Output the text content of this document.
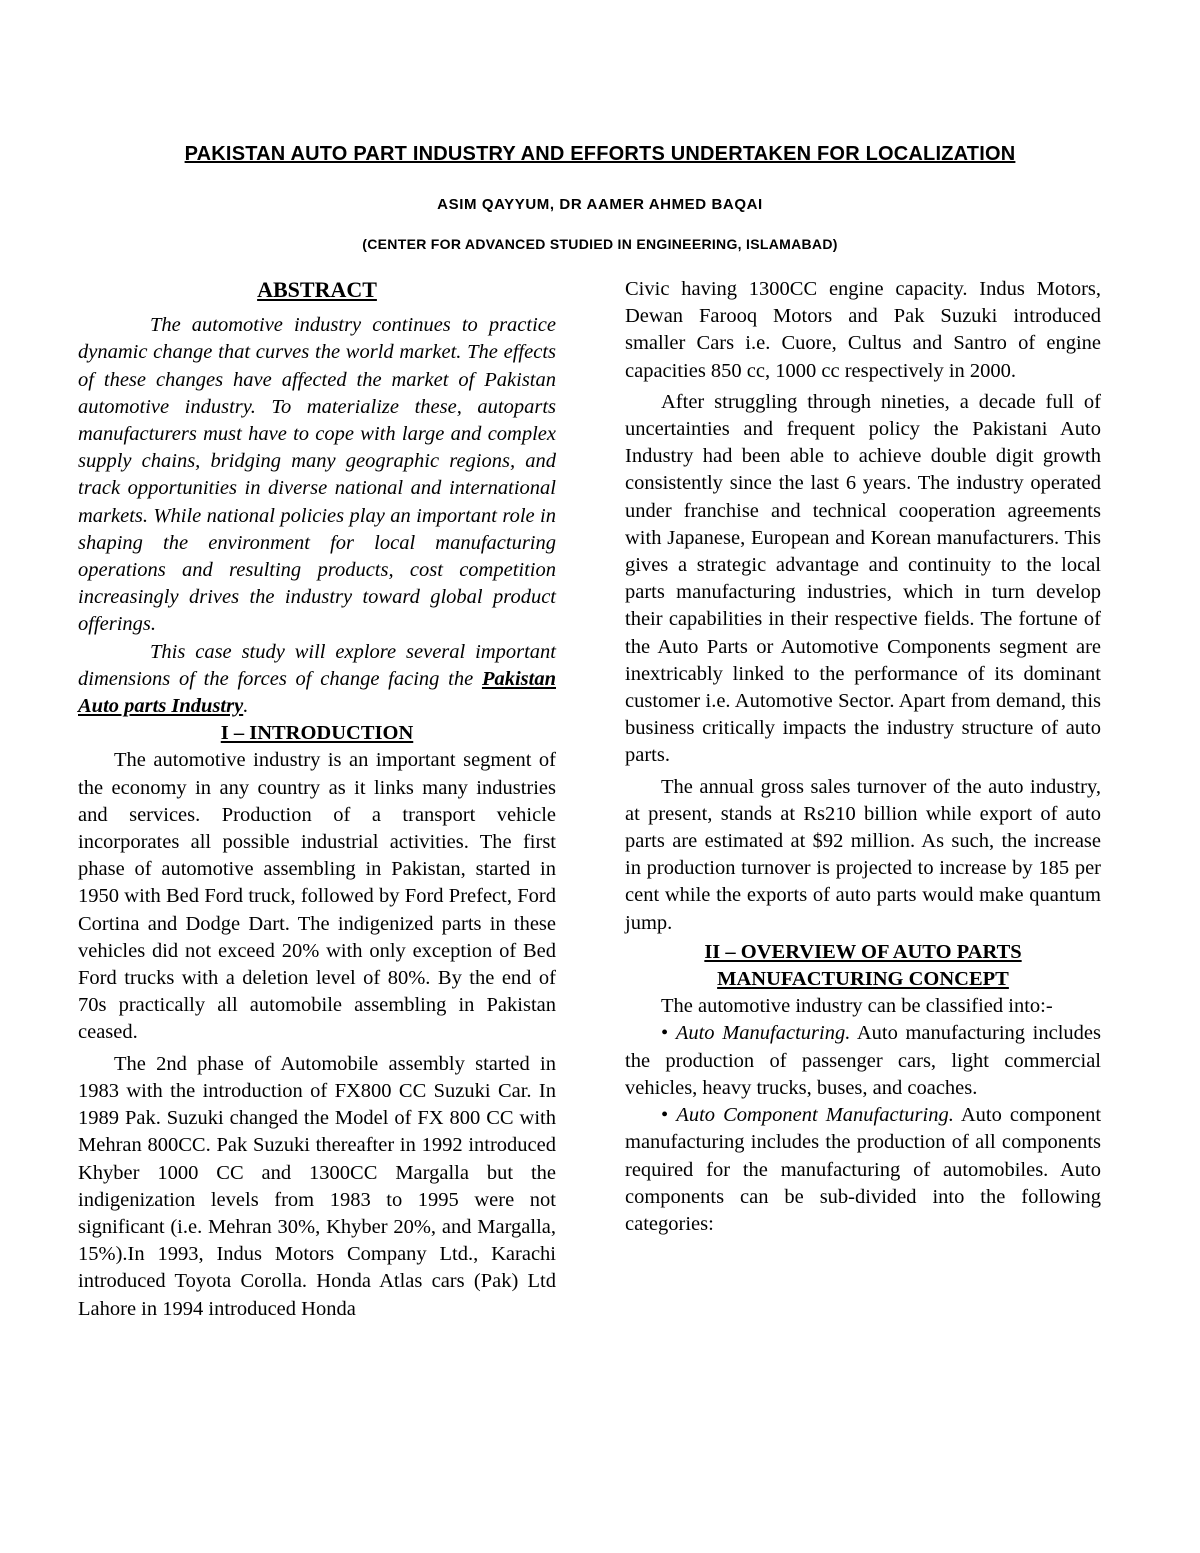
PAKISTAN AUTO PART INDUSTRY AND EFFORTS UNDERTAKEN FOR LOCALIZATION
ASIM QAYYUM, DR AAMER AHMED BAQAI
(CENTER FOR ADVANCED STUDIED IN ENGINEERING, ISLAMABAD)
ABSTRACT

The automotive industry continues to practice dynamic change that curves the world market. The effects of these changes have affected the market of Pakistan automotive industry. To materialize these, autoparts manufacturers must have to cope with large and complex supply chains, bridging many geographic regions, and track opportunities in diverse national and international markets. While national policies play an important role in shaping the environment for local manufacturing operations and resulting products, cost competition increasingly drives the industry toward global product offerings.

This case study will explore several important dimensions of the forces of change facing the Pakistan Auto parts Industry.

I – INTRODUCTION

The automotive industry is an important segment of the economy in any country as it links many industries and services. Production of a transport vehicle incorporates all possible industrial activities. The first phase of automotive assembling in Pakistan, started in 1950 with Bed Ford truck, followed by Ford Prefect, Ford Cortina and Dodge Dart. The indigenized parts in these vehicles did not exceed 20% with only exception of Bed Ford trucks with a deletion level of 80%. By the end of 70s practically all automobile assembling in Pakistan ceased.

The 2nd phase of Automobile assembly started in 1983 with the introduction of FX800 CC Suzuki Car. In 1989 Pak. Suzuki changed the Model of FX 800 CC with Mehran 800CC. Pak Suzuki thereafter in 1992 introduced Khyber 1000 CC and 1300CC Margalla but the indigenization levels from 1983 to 1995 were not significant (i.e. Mehran 30%, Khyber 20%, and Margalla, 15%).In 1993, Indus Motors Company Ltd., Karachi introduced Toyota Corolla. Honda Atlas cars (Pak) Ltd Lahore in 1994 introduced Honda

Civic having 1300CC engine capacity. Indus Motors, Dewan Farooq Motors and Pak Suzuki introduced smaller Cars i.e. Cuore, Cultus and Santro of engine capacities 850 cc, 1000 cc respectively in 2000.

After struggling through nineties, a decade full of uncertainties and frequent policy the Pakistani Auto Industry had been able to achieve double digit growth consistently since the last 6 years. The industry operated under franchise and technical cooperation agreements with Japanese, European and Korean manufacturers. This gives a strategic advantage and continuity to the local parts manufacturing industries, which in turn develop their capabilities in their respective fields. The fortune of the Auto Parts or Automotive Components segment are inextricably linked to the performance of its dominant customer i.e. Automotive Sector. Apart from demand, this business critically impacts the industry structure of auto parts.

The annual gross sales turnover of the auto industry, at present, stands at Rs210 billion while export of auto parts are estimated at $92 million. As such, the increase in production turnover is projected to increase by 185 per cent while the exports of auto parts would make quantum jump.

II – OVERVIEW OF AUTO PARTS
MANUFACTURING CONCEPT

The automotive industry can be classified into:-

• Auto Manufacturing. Auto manufacturing includes the production of passenger cars, light commercial vehicles, heavy trucks, buses, and coaches.

• Auto Component Manufacturing. Auto component manufacturing includes the production of all components required for the manufacturing of automobiles. Auto components can be sub-divided into the following categories:
